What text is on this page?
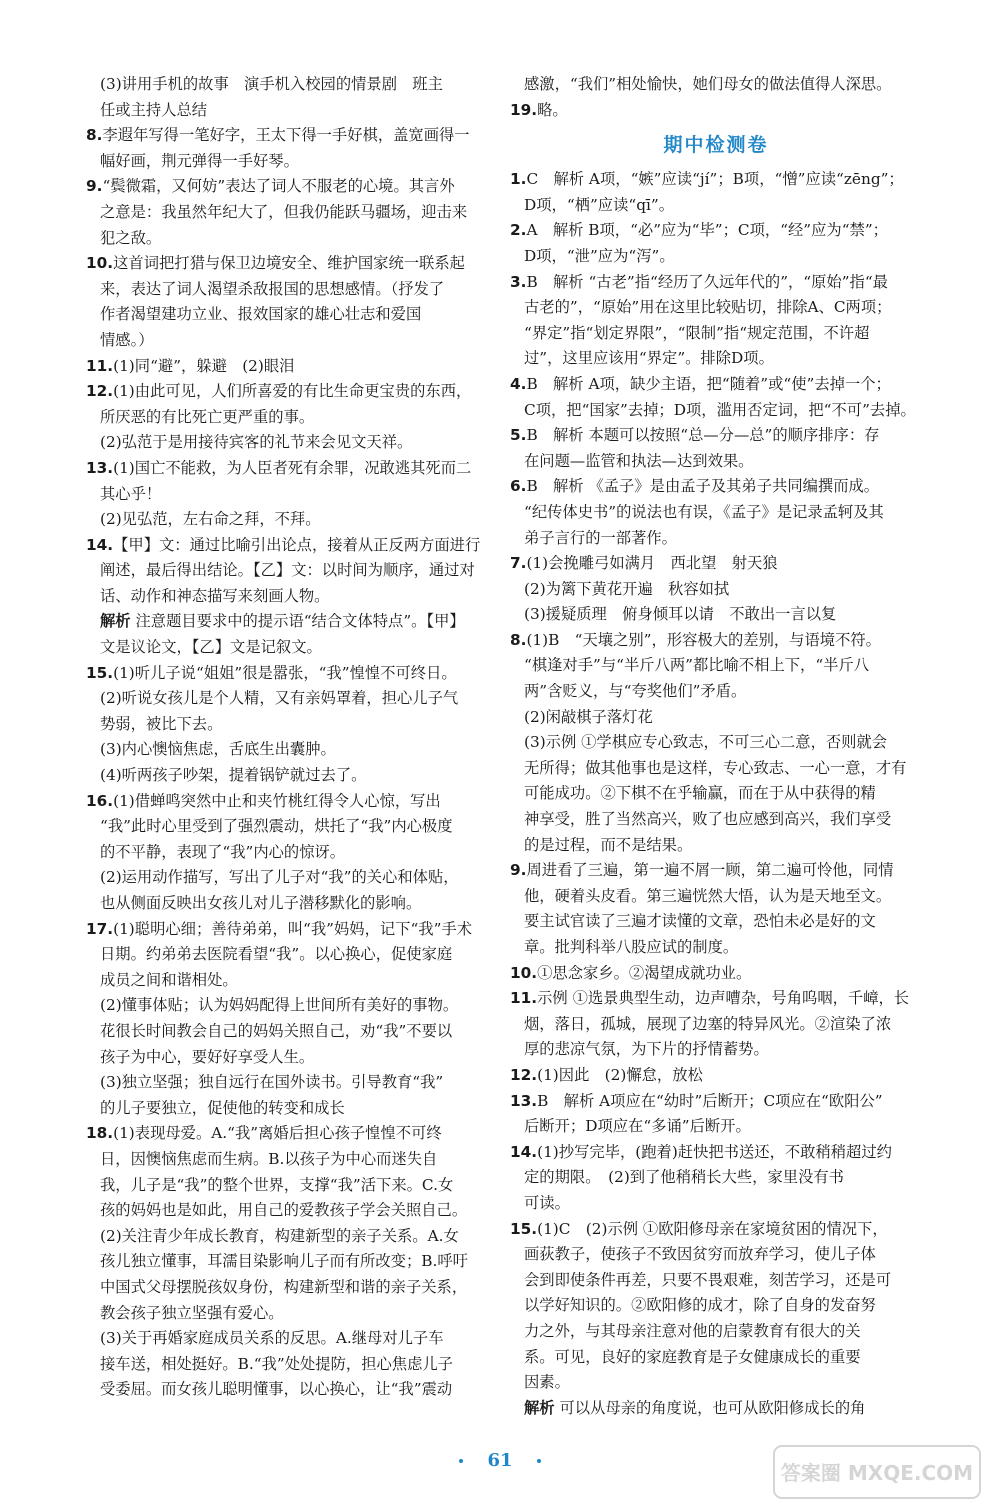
(3)讲用手机的故事　演手机入校园的情景剧　班主
任或主持人总结
8.李遐年写得一笔好字，王太下得一手好棋，盖宽画得一
幅好画，荆元弹得一手好琴。
9.“鬓微霜，又何妨”表达了词人不服老的心境。其言外
之意是：我虽然年纪大了，但我仍能跃马疆场，迎击来
犯之敌。
10.这首词把打猎与保卫边境安全、维护国家统一联系起
来，表达了词人渴望杀敌报国的思想感情。（抒发了
作者渴望建功立业、报效国家的雄心壮志和爱国
情感。）
11.(1)同“避”，躲避　(2)眼泪
12.(1)由此可见，人们所喜爱的有比生命更宝贵的东西，
所厌恶的有比死亡更严重的事。
(2)弘范于是用接待宾客的礼节来会见文天祥。
13.(1)国亡不能救，为人臣者死有余罪，况敢逃其死而二
其心乎！
(2)见弘范，左右命之拜，不拜。
14.【甲】文：通过比喻引出论点，接着从正反两方面进行
阐述，最后得出结论。【乙】文：以时间为顺序，通过对
话、动作和神态描写来刻画人物。
解析 注意题目要求中的提示语“结合文体特点”。【甲】
文是议论文，【乙】文是记叙文。
15.(1)听儿子说“姐姐”很是嚣张，“我”惶惶不可终日。
(2)听说女孩儿是个人精，又有亲妈罩着，担心儿子气
势弱，被比下去。
(3)内心懊恼焦虑，舌底生出囊肿。
(4)听两孩子吵架，提着锅铲就过去了。
16.(1)借蝉鸣突然中止和夹竹桃红得令人心惊，写出
“我”此时心里受到了强烈震动，烘托了“我”内心极度
的不平静，表现了“我”内心的惊讶。
(2)运用动作描写，写出了儿子对“我”的关心和体贴，
也从侧面反映出女孩儿对儿子潜移默化的影响。
17.(1)聪明心细；善待弟弟，叫“我”妈妈，记下“我”手术
日期。约弟弟去医院看望“我”。以心换心，促使家庭
成员之间和谐相处。
(2)懂事体贴；认为妈妈配得上世间所有美好的事物。
花很长时间教会自己的妈妈关照自己，劝“我”不要以
孩子为中心，要好好享受人生。
(3)独立坚强；独自远行在国外读书。引导教育“我”
的儿子要独立，促使他的转变和成长
18.(1)表现母爱。A.“我”离婚后担心孩子惶惶不可终
日，因懊恼焦虑而生病。B.以孩子为中心而迷失自
我，儿子是“我”的整个世界，支撑“我”活下来。C.女
孩的妈妈也是如此，用自己的爱教孩子学会关照自己。
(2)关注青少年成长教育，构建新型的亲子关系。A.女
孩儿独立懂事，耳濡目染影响儿子而有所改变；B.呼吁
中国式父母摆脱孩奴身份，构建新型和谐的亲子关系，
教会孩子独立坚强有爱心。
(3)关于再婚家庭成员关系的反思。A.继母对儿子车
接车送，相处挺好。B.“我”处处提防，担心焦虑儿子
受委屈。而女孩儿聪明懂事，以心换心，让“我”震动
感激，“我们”相处愉快，她们母女的做法值得人深思。
19.略。
期中检测卷
1.C　解析 A项，“嫉”应读“jí”；B项，“憎”应读“zēng”；
D项，“栖”应读“qī”。
2.A　解析 B项，“必”应为“毕”；C项，“经”应为“禁”；
D项，“泄”应为“泻”。
3.B　解析 “古老”指“经历了久远年代的”，“原始”指“最
古老的”，“原始”用在这里比较贴切，排除A、C两项；
“界定”指“划定界限”，“限制”指“规定范围，不许超
过”，这里应该用“界定”。排除D项。
4.B　解析 A项，缺少主语，把“随着”或“使”去掉一个；
C项，把“国家”去掉；D项，滥用否定词，把“不可”去掉。
5.B　解析 本题可以按照“总—分—总”的顺序排序：存
在问题—监管和执法—达到效果。
6.B　解析 《孟子》是由孟子及其弟子共同编撰而成。
“纪传体史书”的说法也有误，《孟子》是记录孟轲及其
弟子言行的一部著作。
7.(1)会挽雕弓如满月　西北望　射天狼
(2)为篱下黄花开遍　秋容如拭
(3)援疑质理　俯身倾耳以请　不敢出一言以复
8.(1)B　“天壤之别”，形容极大的差别，与语境不符。
“棋逢对手”与“半斤八两”都比喻不相上下，“半斤八
两”含贬义，与“夸奖他们”矛盾。
(2)闲敲棋子落灯花
(3)示例 ①学棋应专心致志，不可三心二意，否则就会
无所得；做其他事也是这样，专心致志、一心一意，才有
可能成功。②下棋不在乎输赢，而在于从中获得的精
神享受，胜了当然高兴，败了也应感到高兴，我们享受
的是过程，而不是结果。
9.周进看了三遍，第一遍不屑一顾，第二遍可怜他，同情
他，硬着头皮看。第三遍恍然大悟，认为是天地至文。
要主试官读了三遍才读懂的文章，恐怕未必是好的文
章。批判科举八股应试的制度。
10.①思念家乡。②渴望成就功业。
11.示例 ①选景典型生动，边声嘈杂，号角呜咽，千嶂，长
烟，落日，孤城，展现了边塞的特异风光。②渲染了浓
厚的悲凉气氛，为下片的抒情蓄势。
12.(1)因此　(2)懈怠，放松
13.B　解析 A项应在“幼时”后断开；C项应在“欧阳公”
后断开；D项应在“多诵”后断开。
14.(1)抄写完毕，(跑着)赶快把书送还，不敢稍稍超过约
定的期限。　(2)到了他稍稍长大些，家里没有书
可读。
15.(1)C　(2)示例 ①欧阳修母亲在家境贫困的情况下，
画荻教子，使孩子不致因贫穷而放弃学习，使儿子体
会到即使条件再差，只要不畏艰难，刻苦学习，还是可
以学好知识的。②欧阳修的成才，除了自身的发奋努
力之外，与其母亲注意对他的启蒙教育有很大的关
系。可见，良好的家庭教育是子女健康成长的重要
因素。
解析 可以从母亲的角度说，也可从欧阳修成长的角
61
答案圈 MXQE.COM
